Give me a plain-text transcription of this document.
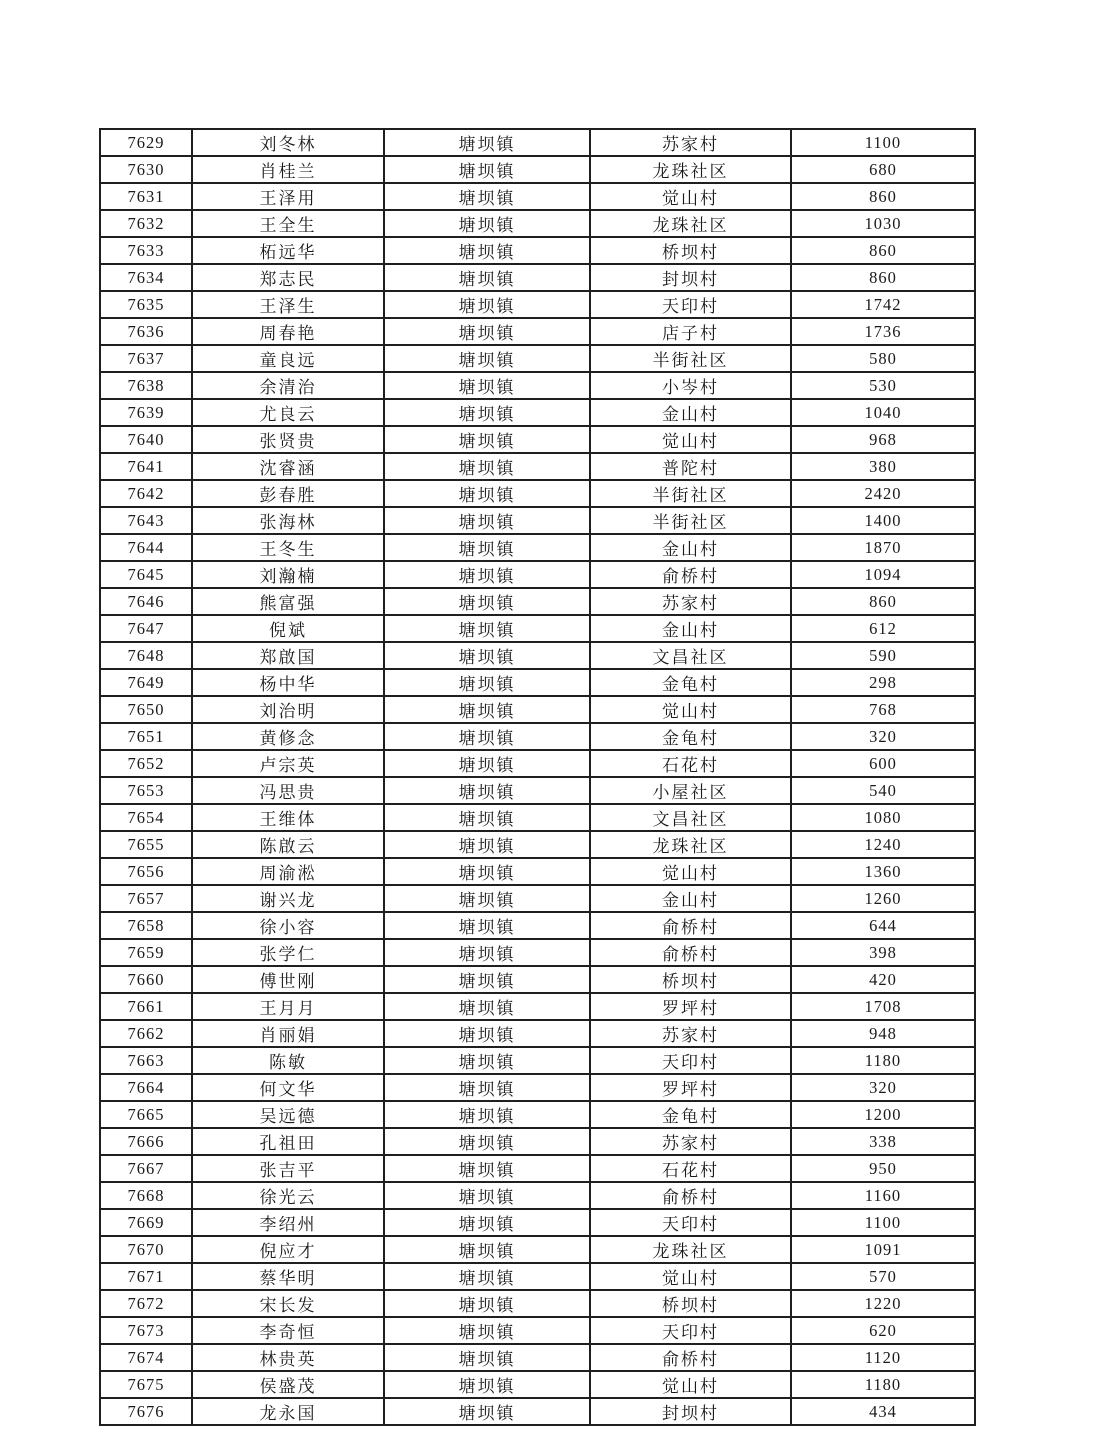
7629	刘冬林	塘坝镇	苏家村	1100
7630	肖桂兰	塘坝镇	龙珠社区	680
7631	王泽用	塘坝镇	觉山村	860
7632	王全生	塘坝镇	龙珠社区	1030
7633	柘远华	塘坝镇	桥坝村	860
7634	郑志民	塘坝镇	封坝村	860
7635	王泽生	塘坝镇	天印村	1742
7636	周春艳	塘坝镇	店子村	1736
7637	童良远	塘坝镇	半街社区	580
7638	余清治	塘坝镇	小岑村	530
7639	尤良云	塘坝镇	金山村	1040
7640	张贤贵	塘坝镇	觉山村	968
7641	沈睿涵	塘坝镇	普陀村	380
7642	彭春胜	塘坝镇	半街社区	2420
7643	张海林	塘坝镇	半街社区	1400
7644	王冬生	塘坝镇	金山村	1870
7645	刘瀚楠	塘坝镇	俞桥村	1094
7646	熊富强	塘坝镇	苏家村	860
7647	倪斌	塘坝镇	金山村	612
7648	郑啟国	塘坝镇	文昌社区	590
7649	杨中华	塘坝镇	金龟村	298
7650	刘治明	塘坝镇	觉山村	768
7651	黄修念	塘坝镇	金龟村	320
7652	卢宗英	塘坝镇	石花村	600
7653	冯思贵	塘坝镇	小屋社区	540
7654	王维体	塘坝镇	文昌社区	1080
7655	陈啟云	塘坝镇	龙珠社区	1240
7656	周渝淞	塘坝镇	觉山村	1360
7657	谢兴龙	塘坝镇	金山村	1260
7658	徐小容	塘坝镇	俞桥村	644
7659	张学仁	塘坝镇	俞桥村	398
7660	傅世刚	塘坝镇	桥坝村	420
7661	王月月	塘坝镇	罗坪村	1708
7662	肖丽娟	塘坝镇	苏家村	948
7663	陈敏	塘坝镇	天印村	1180
7664	何文华	塘坝镇	罗坪村	320
7665	吴远德	塘坝镇	金龟村	1200
7666	孔祖田	塘坝镇	苏家村	338
7667	张吉平	塘坝镇	石花村	950
7668	徐光云	塘坝镇	俞桥村	1160
7669	李绍州	塘坝镇	天印村	1100
7670	倪应才	塘坝镇	龙珠社区	1091
7671	蔡华明	塘坝镇	觉山村	570
7672	宋长发	塘坝镇	桥坝村	1220
7673	李奇恒	塘坝镇	天印村	620
7674	林贵英	塘坝镇	俞桥村	1120
7675	侯盛茂	塘坝镇	觉山村	1180
7676	龙永国	塘坝镇	封坝村	434
